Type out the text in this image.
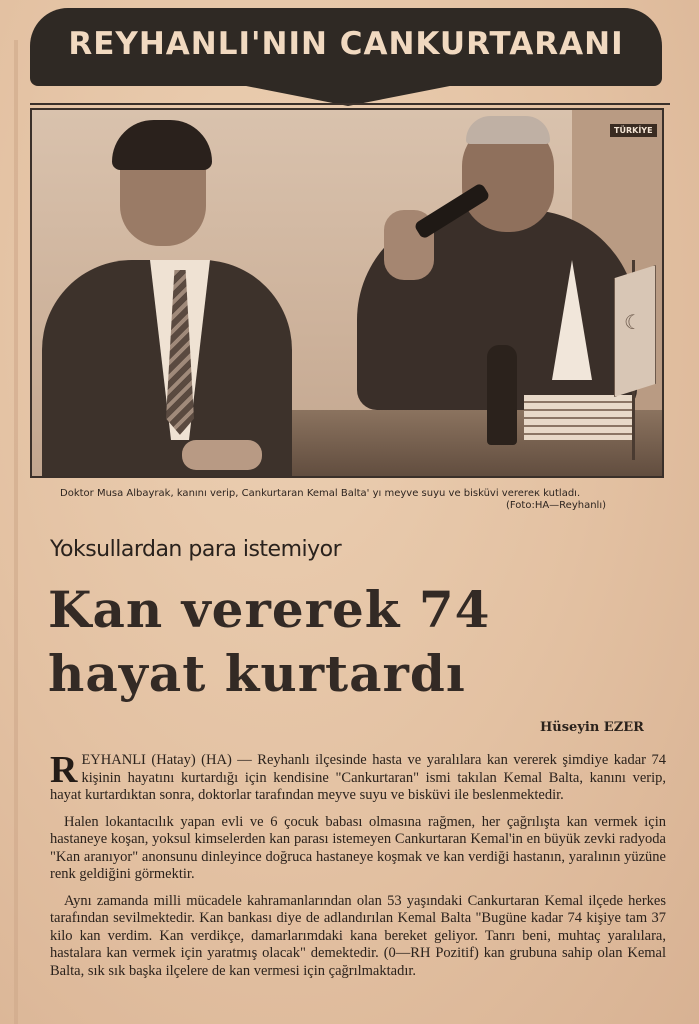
REYHANLI'NIN CANKURTARANI
TÜRKİYE
☾
Doktor Musa Albayrak, kanını verip, Cankurtaran Kemal Balta' yı meyve suyu ve bisküvi verereк kutladı.
(Foto:HA—Reyhanlı)
Yoksullardan para istemiyor
Kan vererek 74
hayat kurtardı
Hüseyin EZER

REYHANLI (Hatay) (HA) — Reyhanlı ilçesinde hasta ve yaralılara kan vererek şimdiye kadar 74 kişinin hayatını kurtardığı için kendisine "Cankurtaran" ismi takılan Kemal Balta, kanını verip, hayat kurtardıktan sonra, doktorlar tarafından meyve suyu ve bisküvi ile beslenmektedir.

Halen lokantacılık yapan evli ve 6 çocuk babası olmasına rağmen, her çağrılışta kan vermek için hastaneye koşan, yoksul kimselerden kan parası istemeyen Cankurtaran Kemal'in en büyük zevki radyoda "Kan aranıyor" anonsunu dinleyince doğruca hastaneye koşmak ve kan verdiği hastanın, yaralının yüzüne renk geldiğini görmektir.

Aynı zamanda milli mücadele kahramanlarından olan 53 yaşındaki Cankurtaran Kemal ilçede herkes tarafından sevilmektedir. Kan bankası diye de adlandırılan Kemal Balta "Bugüne kadar 74 kişiye tam 37 kilo kan verdim. Kan verdikçe, damarlarımdaki kana bereket geliyor. Tanrı beni, muhtaç yaralılara, hastalara kan vermek için yaratmış olacak" demektedir. (0—RH Pozitif) kan grubuna sahip olan Kemal Balta, sık sık başka ilçelere de kan vermesi için çağrılmaktadır.
